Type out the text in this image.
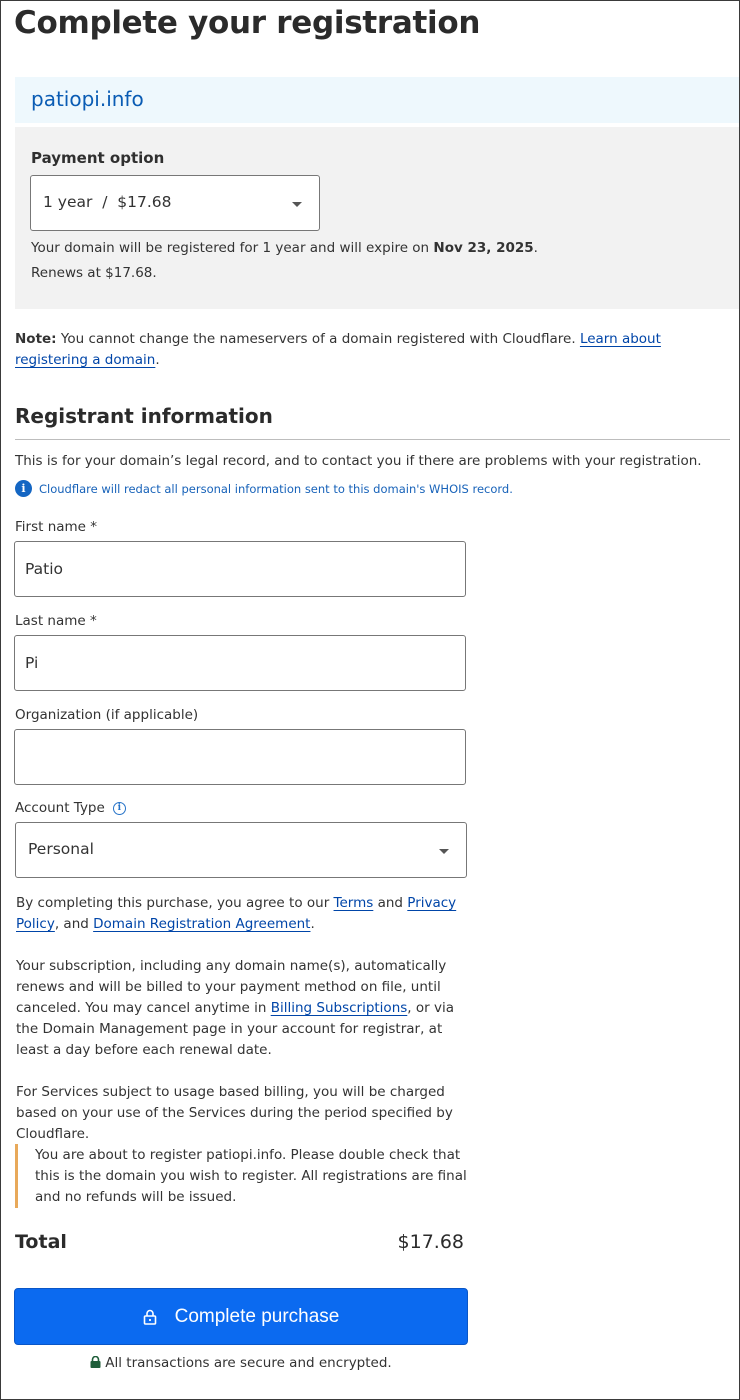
Complete your registration
patiopi.info
Payment option
1 year  /  $17.68
Your domain will be registered for 1 year and will expire on Nov 23, 2025.
Renews at $17.68.
Note: You cannot change the nameservers of a domain registered with Cloudflare. Learn about registering a domain.
Registrant information
This is for your domain’s legal record, and to contact you if there are problems with your registration.
i	Cloudflare will redact all personal information sent to this domain's WHOIS record.
First name *
Patio
Last name *
Pi
Organization (if applicable)
Account Type i
Personal
By completing this purchase, you agree to our Terms and Privacy Policy, and Domain Registration Agreement.
Your subscription, including any domain name(s), automatically renews and will be billed to your payment method on file, until canceled. You may cancel anytime in Billing Subscriptions, or via the Domain Management page in your account for registrar, at least a day before each renewal date.
For Services subject to usage based billing, you will be charged based on your use of the Services during the period specified by Cloudflare.
You are about to register patiopi.info. Please double check that this is the domain you wish to register. All registrations are final and no refunds will be issued.
Total	$17.68
Complete purchase
All transactions are secure and encrypted.
